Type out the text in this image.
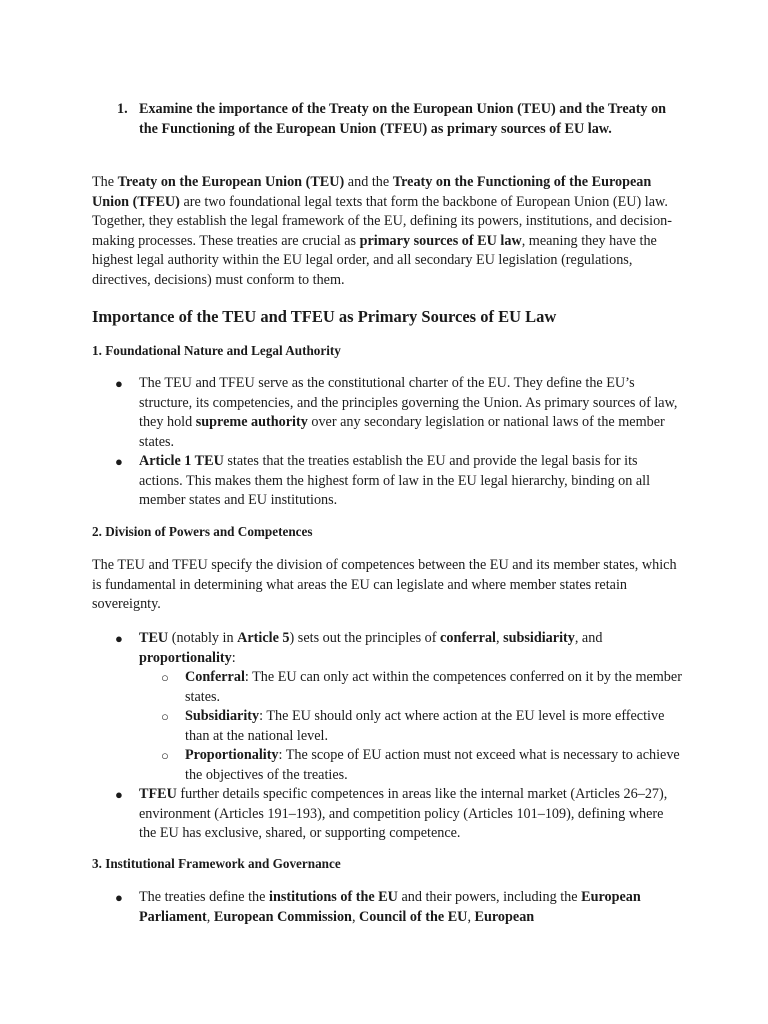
1. Examine the importance of the Treaty on the European Union (TEU) and the Treaty on the Functioning of the European Union (TFEU) as primary sources of EU law.

The Treaty on the European Union (TEU) and the Treaty on the Functioning of the European Union (TFEU) are two foundational legal texts that form the backbone of European Union (EU) law. Together, they establish the legal framework of the EU, defining its powers, institutions, and decision-making processes. These treaties are crucial as primary sources of EU law, meaning they have the highest legal authority within the EU legal order, and all secondary EU legislation (regulations, directives, decisions) must conform to them.

Importance of the TEU and TFEU as Primary Sources of EU Law
1. Foundational Nature and Legal Authority
● The TEU and TFEU serve as the constitutional charter of the EU. They define the EU’s structure, its competencies, and the principles governing the Union. As primary sources of law, they hold supreme authority over any secondary legislation or national laws of the member states.
● Article 1 TEU states that the treaties establish the EU and provide the legal basis for its actions. This makes them the highest form of law in the EU legal hierarchy, binding on all member states and EU institutions.
2. Division of Powers and Competences

The TEU and TFEU specify the division of competences between the EU and its member states, which is fundamental in determining what areas the EU can legislate and where member states retain sovereignty.

● TEU (notably in Article 5) sets out the principles of conferral, subsidiarity, and proportionality:
○ Conferral: The EU can only act within the competences conferred on it by the member states.
○ Subsidiarity: The EU should only act where action at the EU level is more effective than at the national level.
○ Proportionality: The scope of EU action must not exceed what is necessary to achieve the objectives of the treaties.
● TFEU further details specific competences in areas like the internal market (Articles 26–27), environment (Articles 191–193), and competition policy (Articles 101–109), defining where the EU has exclusive, shared, or supporting competence.
3. Institutional Framework and Governance
● The treaties define the institutions of the EU and their powers, including the European Parliament, European Commission, Council of the EU, European
